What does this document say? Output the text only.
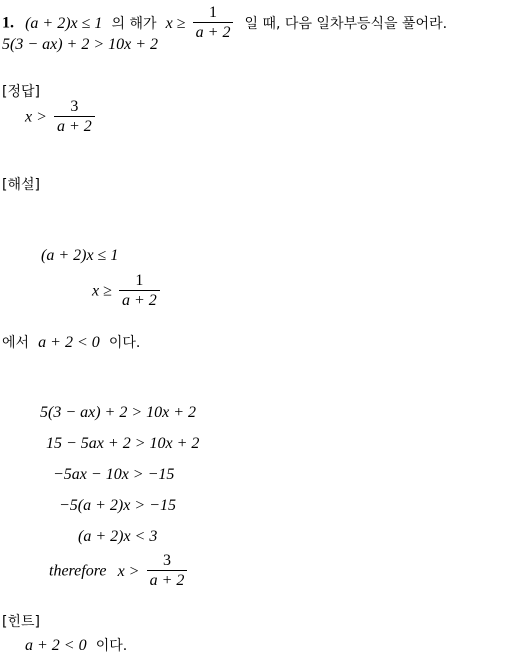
1. (a + 2)x ≤ 1 의 해가 $x \ge \frac{1}{a + 2}$ 일 때, 다음 일차부등식을 풀어라.
5(3 − ax) + 2 > 10x + 2
[정답]
$x > \frac{3}{a + 2}$
[해설]
(a + 2)x ≤ 1
$x \ge \frac{1}{a + 2}$
에서 a + 2 < 0 이다.
5(3 − ax) + 2 > 10x + 2
15 − 5ax + 2 > 10x + 2
−5ax − 10x > −15
−5(a + 2)x > −15
(a + 2)x < 3
therefore $x > \frac{3}{a + 2}$
[힌트]
a + 2 < 0 이다.
